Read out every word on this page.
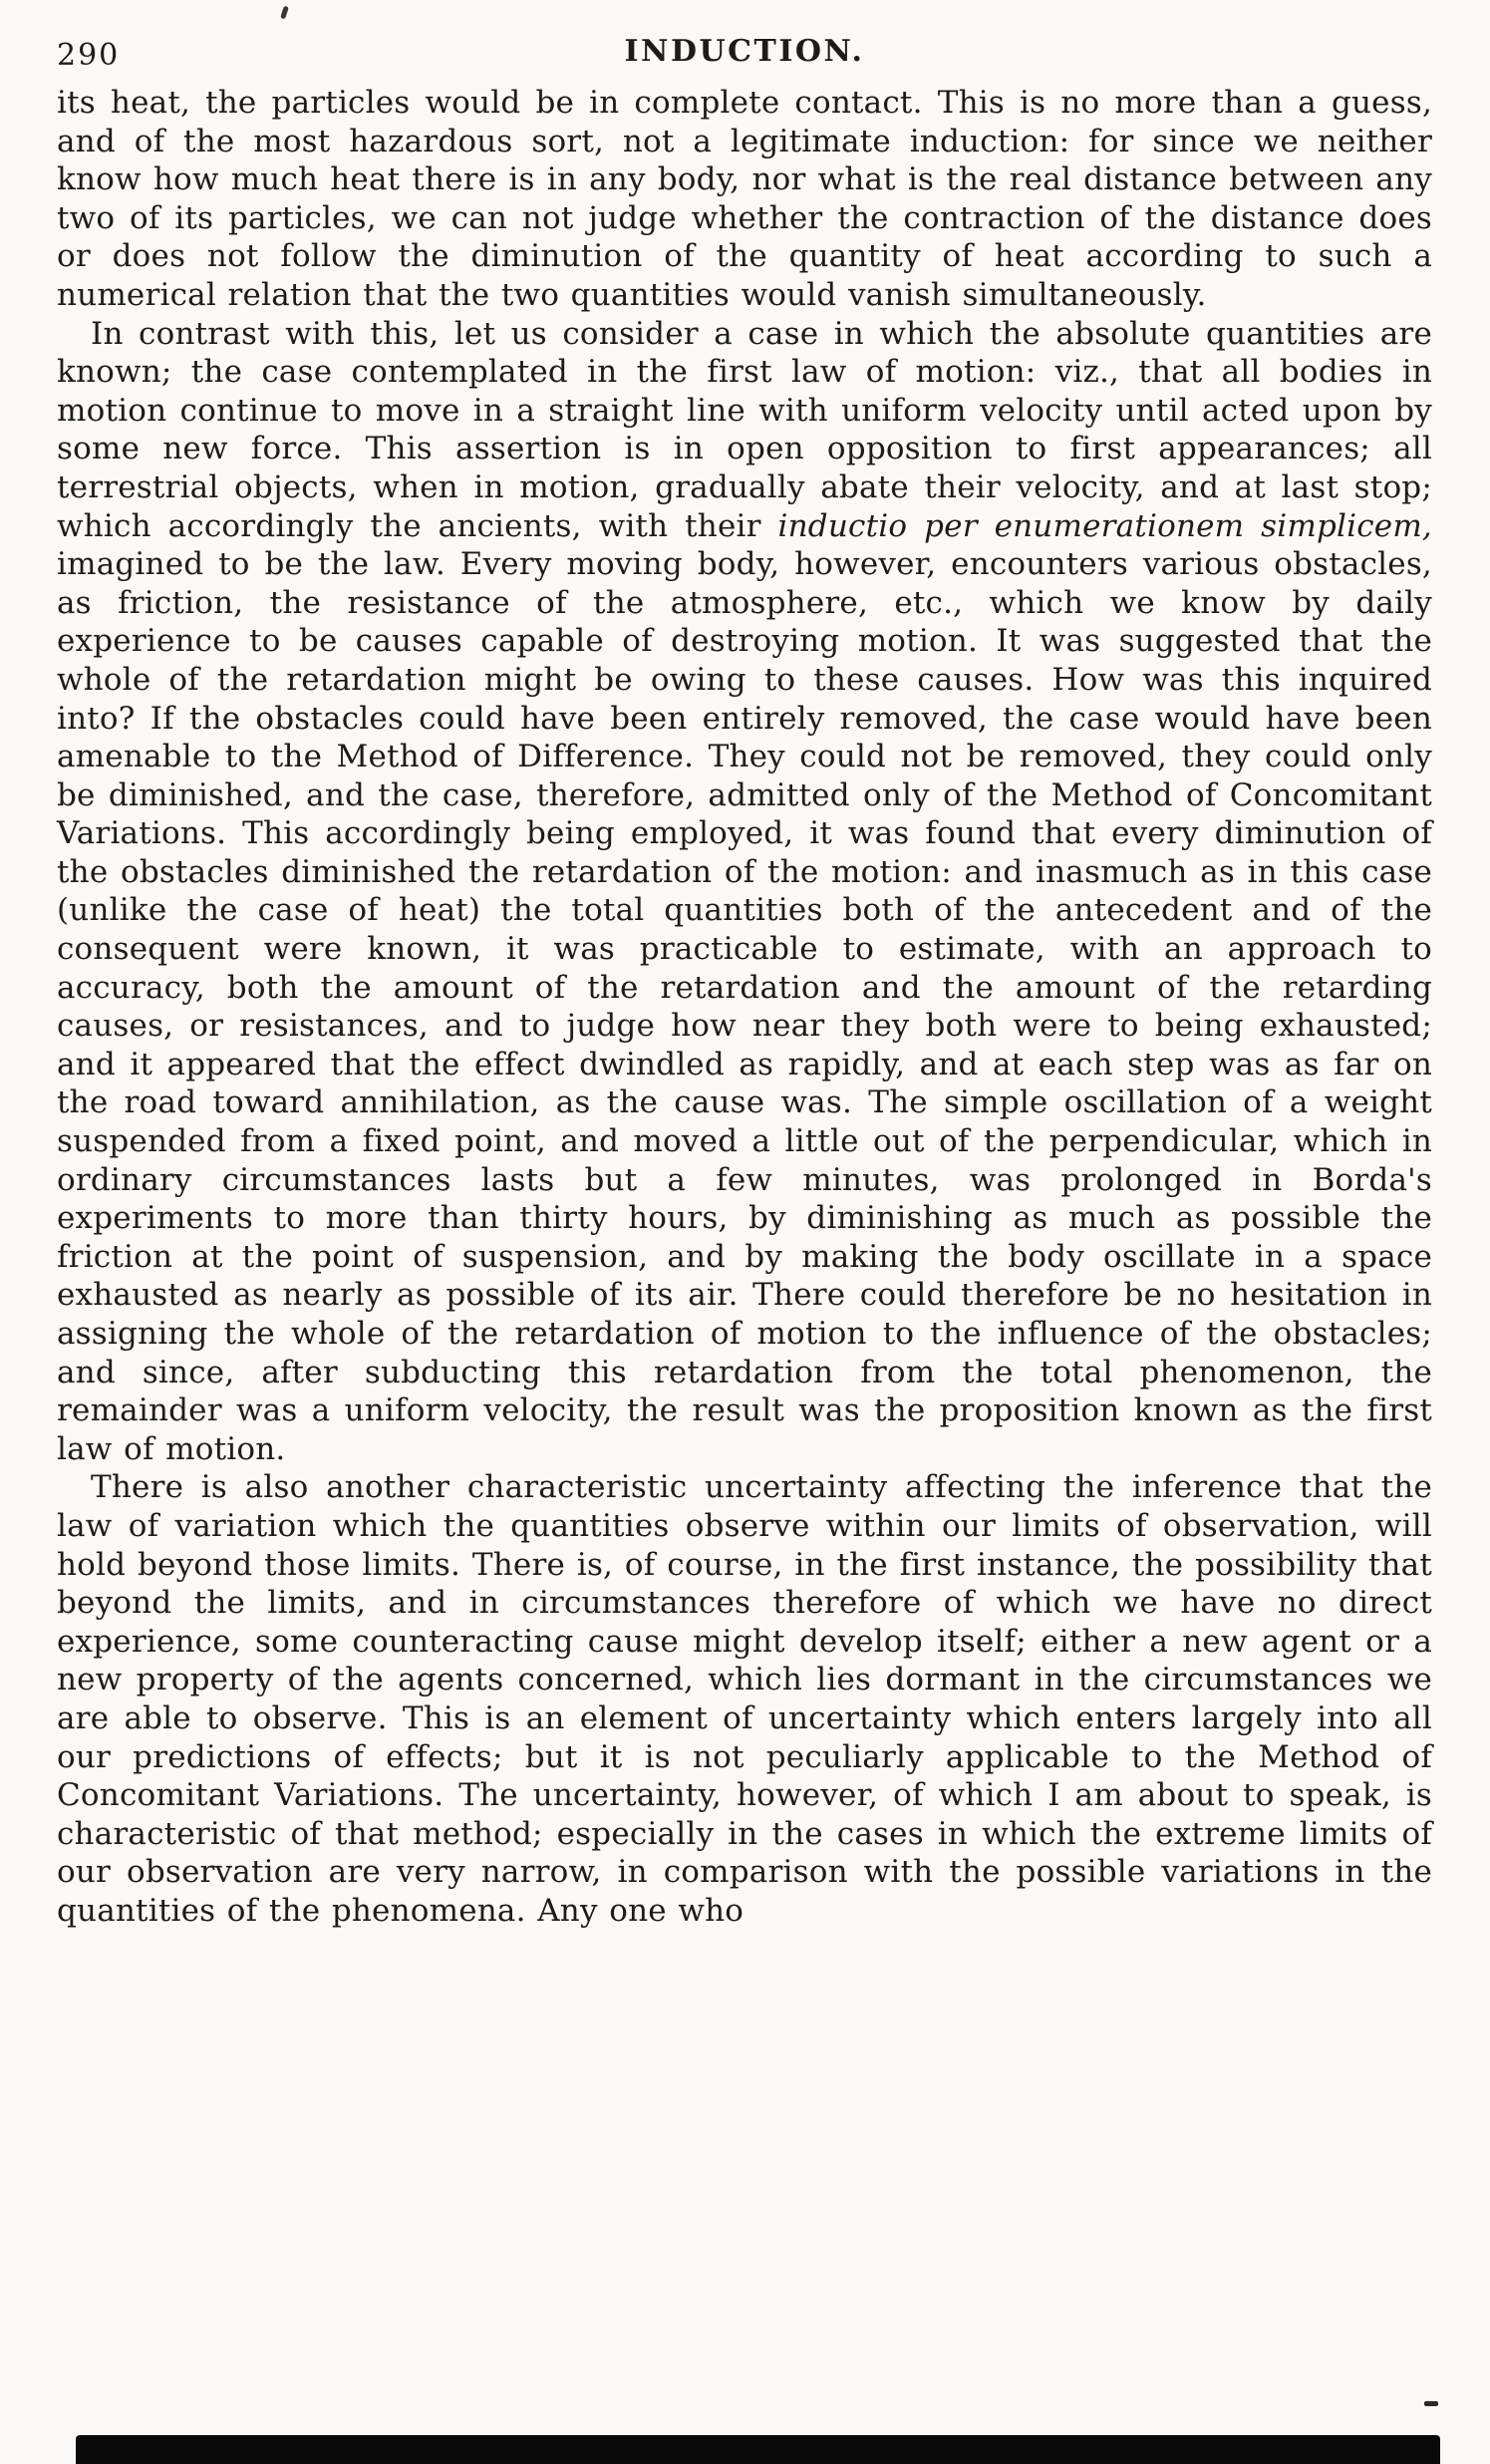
290	INDUCTION.

its heat, the particles would be in complete contact. This is no more than a guess, and of the most hazardous sort, not a legitimate induction: for since we neither know how much heat there is in any body, nor what is the real distance between any two of its particles, we can not judge whether the contraction of the distance does or does not follow the diminution of the quantity of heat according to such a numerical relation that the two quantities would vanish simultaneously.

In contrast with this, let us consider a case in which the absolute quantities are known; the case contemplated in the first law of motion: viz., that all bodies in motion continue to move in a straight line with uniform velocity until acted upon by some new force. This assertion is in open opposition to first appearances; all terrestrial objects, when in motion, gradually abate their velocity, and at last stop; which accordingly the ancients, with their inductio per enumerationem simplicem, imagined to be the law. Every moving body, however, encounters various obstacles, as friction, the resistance of the atmosphere, etc., which we know by daily experience to be causes capable of destroying motion. It was suggested that the whole of the retardation might be owing to these causes. How was this inquired into? If the obstacles could have been entirely removed, the case would have been amenable to the Method of Difference. They could not be removed, they could only be diminished, and the case, therefore, admitted only of the Method of Concomitant Variations. This accordingly being employed, it was found that every diminution of the obstacles diminished the retardation of the motion: and inasmuch as in this case (unlike the case of heat) the total quantities both of the antecedent and of the consequent were known, it was practicable to estimate, with an approach to accuracy, both the amount of the retardation and the amount of the retarding causes, or resistances, and to judge how near they both were to being exhausted; and it appeared that the effect dwindled as rapidly, and at each step was as far on the road toward annihilation, as the cause was. The simple oscillation of a weight suspended from a fixed point, and moved a little out of the perpendicular, which in ordinary circumstances lasts but a few minutes, was prolonged in Borda's experiments to more than thirty hours, by diminishing as much as possible the friction at the point of suspension, and by making the body oscillate in a space exhausted as nearly as possible of its air. There could therefore be no hesitation in assigning the whole of the retardation of motion to the influence of the obstacles; and since, after subducting this retardation from the total phenomenon, the remainder was a uniform velocity, the result was the proposition known as the first law of motion.

There is also another characteristic uncertainty affecting the inference that the law of variation which the quantities observe within our limits of observation, will hold beyond those limits. There is, of course, in the first instance, the possibility that beyond the limits, and in circumstances therefore of which we have no direct experience, some counteracting cause might develop itself; either a new agent or a new property of the agents concerned, which lies dormant in the circumstances we are able to observe. This is an element of uncertainty which enters largely into all our predictions of effects; but it is not peculiarly applicable to the Method of Concomitant Variations. The uncertainty, however, of which I am about to speak, is characteristic of that method; especially in the cases in which the extreme limits of our observation are very narrow, in comparison with the possible variations in the quantities of the phenomena. Any one who
